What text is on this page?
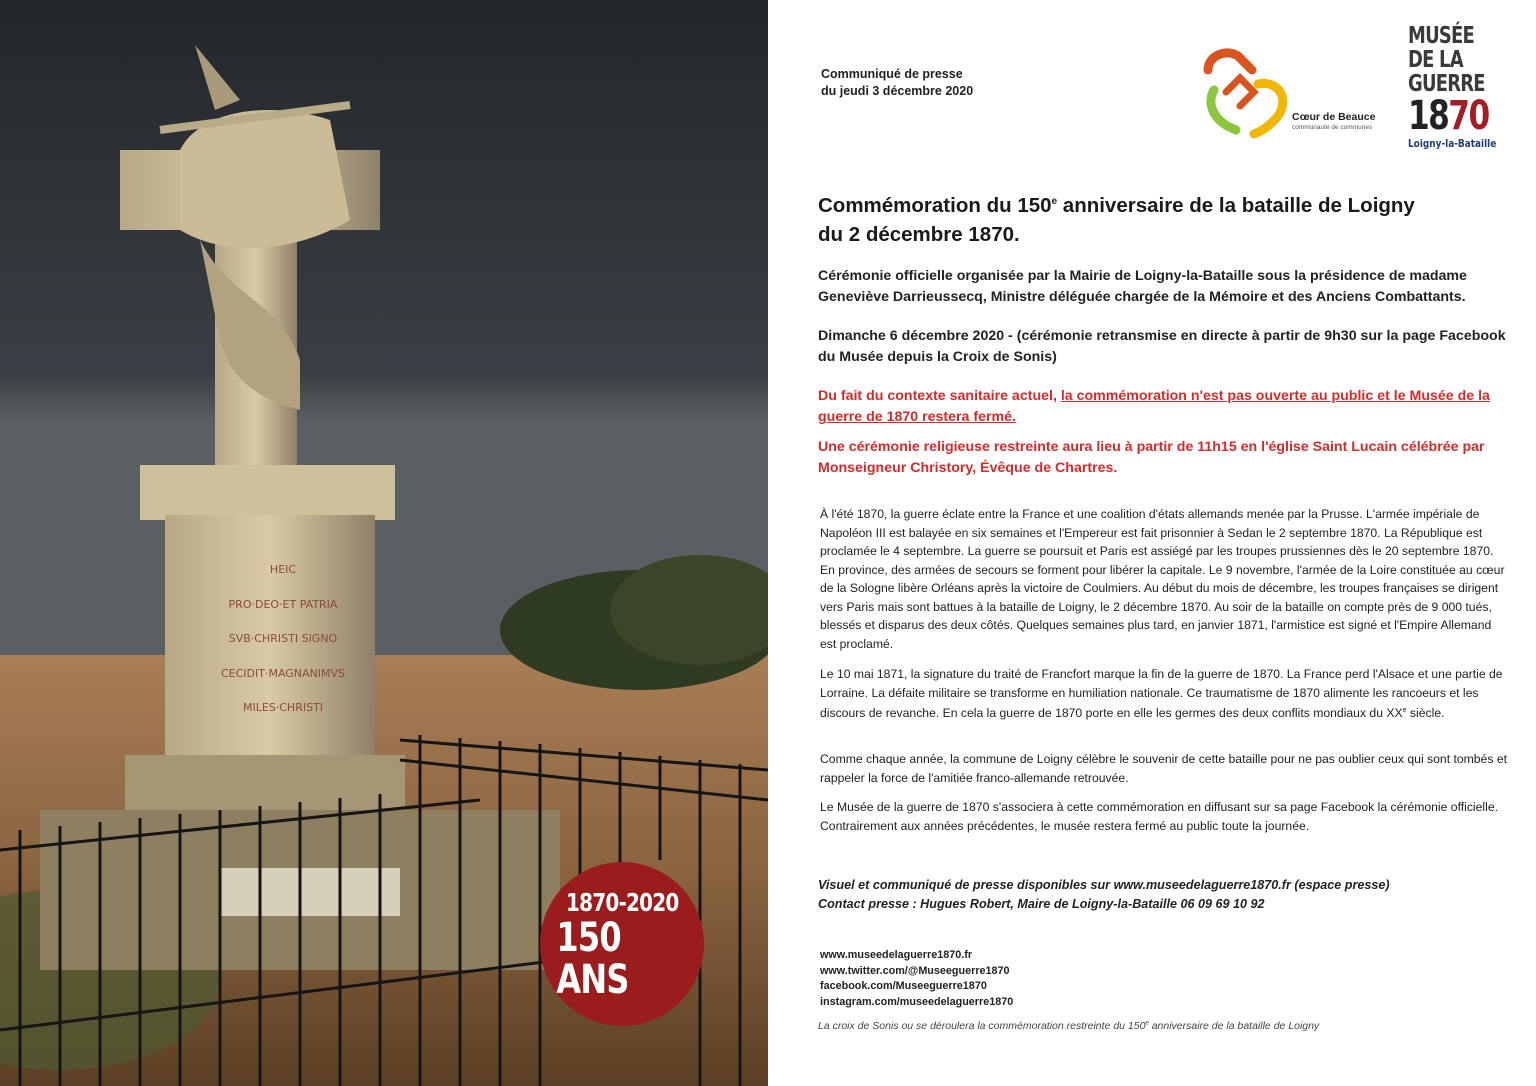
HEIC
PRO·DEO·ET PATRIA
SVB·CHRISTI SIGNO
CECIDIT·MAGNANIMVS
MILES·CHRISTI
1870-2020
150 ANS
Communiqué de presse
du jeudi 3 décembre 2020
Cœur de Beauce
communauté de communes
MUSÉE
DE LA
GUERRE
1870
Loigny-la-Bataille
Commémoration du 150e anniversaire de la bataille de Loigny
du 2 décembre 1870.
Cérémonie officielle organisée par la Mairie de Loigny-la-Bataille sous la présidence de madame Geneviève Darrieussecq, Ministre déléguée chargée de la Mémoire et des Anciens Combattants.
Dimanche 6 décembre 2020 - (cérémonie retransmise en directe à partir de 9h30 sur la page Facebook du Musée depuis la Croix de Sonis)
Du fait du contexte sanitaire actuel, la commémoration n'est pas ouverte au public et le Musée de la guerre de 1870 restera fermé.
Une cérémonie religieuse restreinte aura lieu à partir de 11h15 en l'église Saint Lucain célébrée par Monseigneur Christory, Évêque de Chartres.
À l'été 1870, la guerre éclate entre la France et une coalition d'états allemands menée par la Prusse. L'armée impériale de Napoléon III est balayée en six semaines et l'Empereur est fait prisonnier à Sedan le 2 septembre 1870. La République est proclamée le 4 septembre. La guerre se poursuit et Paris est assiégé par les troupes prussiennes dès le 20 septembre 1870. En province, des armées de secours se forment pour libérer la capitale. Le 9 novembre, l'armée de la Loire constituée au cœur de la Sologne libère Orléans après la victoire de Coulmiers. Au début du mois de décembre, les troupes françaises se dirigent vers Paris mais sont battues à la bataille de Loigny, le 2 décembre 1870. Au soir de la bataille on compte près de 9 000 tués, blessés et disparus des deux côtés. Quelques semaines plus tard, en janvier 1871, l'armistice est signé et l'Empire Allemand est proclamé.
Le 10 mai 1871, la signature du traité de Francfort marque la fin de la guerre de 1870. La France perd l'Alsace et une partie de Lorraine. La défaite militaire se transforme en humiliation nationale. Ce traumatisme de 1870 alimente les rancoeurs et les discours de revanche. En cela la guerre de 1870 porte en elle les germes des deux conflits mondiaux du XXe siècle.
Comme chaque année, la commune de Loigny célèbre le souvenir de cette bataille pour ne pas oublier ceux qui sont tombés et rappeler la force de l'amitiée franco-allemande retrouvée.
Le Musée de la guerre de 1870 s'associera à cette commémoration en diffusant sur sa page Facebook la cérémonie officielle. Contrairement aux années précédentes, le musée restera fermé au public toute la journée.
Visuel et communiqué de presse disponibles sur www.museedelaguerre1870.fr (espace presse)
Contact presse : Hugues Robert, Maire de Loigny-la-Bataille 06 09 69 10 92
www.museedelaguerre1870.fr
www.twitter.com/@Museeguerre1870
facebook.com/Museeguerre1870
instagram.com/museedelaguerre1870
La croix de Sonis ou se déroulera la commémoration restreinte du 150e anniversaire de la bataille de Loigny
